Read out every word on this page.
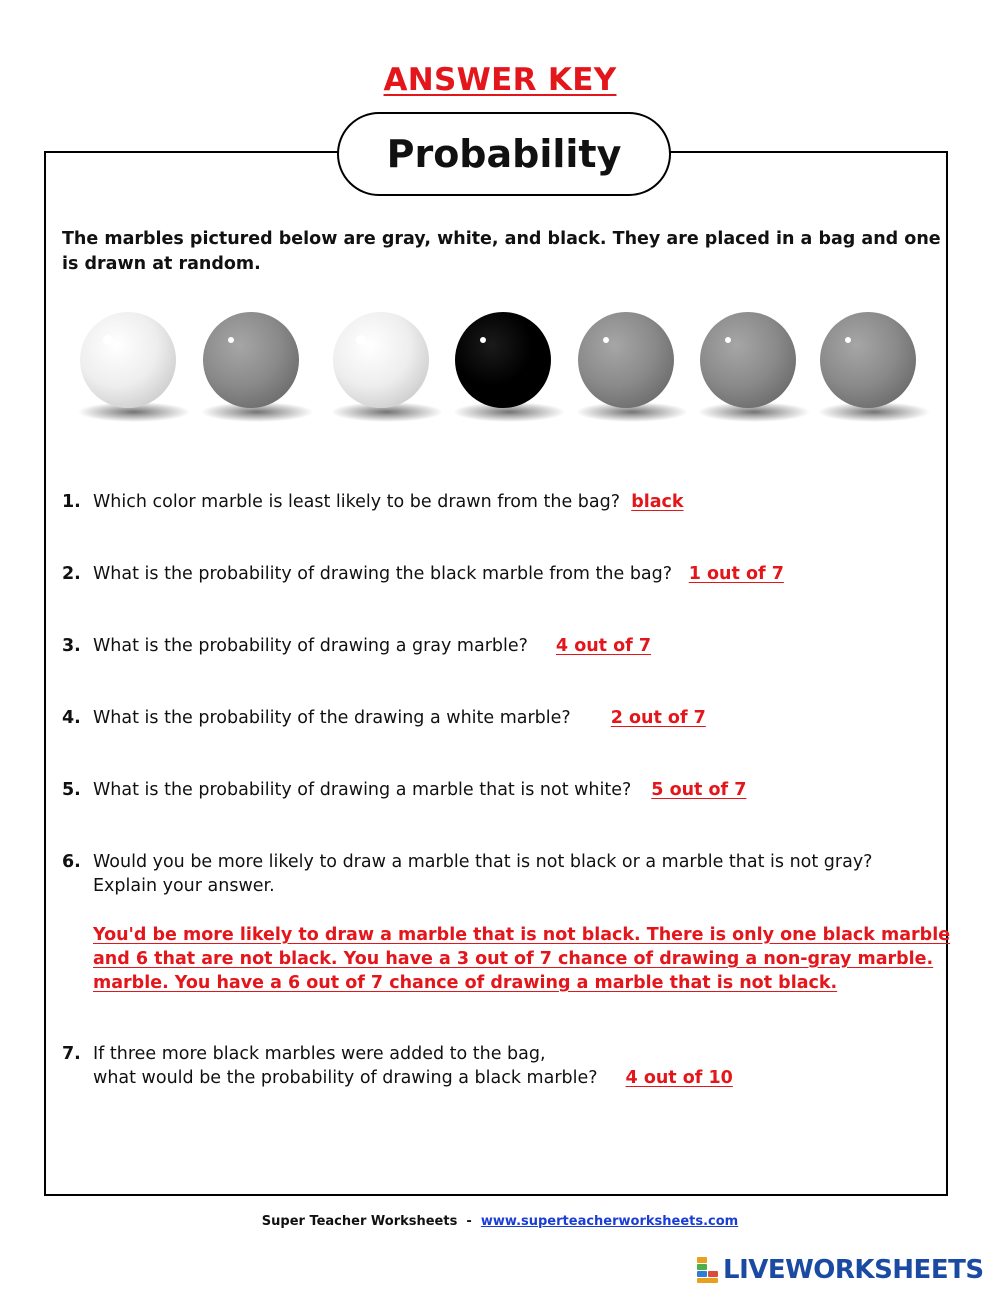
ANSWER KEY
Probability
The marbles pictured below are gray, white, and black. They are placed in a bag and one is drawn at random.
1. Which color marble is least likely to be drawn from the bag? black
2. What is the probability of drawing the black marble from the bag? 1 out of 7
3. What is the probability of drawing a gray marble? 4 out of 7
4. What is the probability of the drawing a white marble? 2 out of 7
5. What is the probability of drawing a marble that is not white? 5 out of 7
6. Would you be more likely to draw a marble that is not black or a marble that is not gray?
Explain your answer.
You'd be more likely to draw a marble that is not black. There is only one black marble
and 6 that are not black. You have a 3 out of 7 chance of drawing a non-gray marble.
marble. You have a 6 out of 7 chance of drawing a marble that is not black.
7. If three more black marbles were added to the bag,
what would be the probability of drawing a black marble? 4 out of 10
Super Teacher Worksheets - www.superteacherworksheets.com
LIVEWORKSHEETS
